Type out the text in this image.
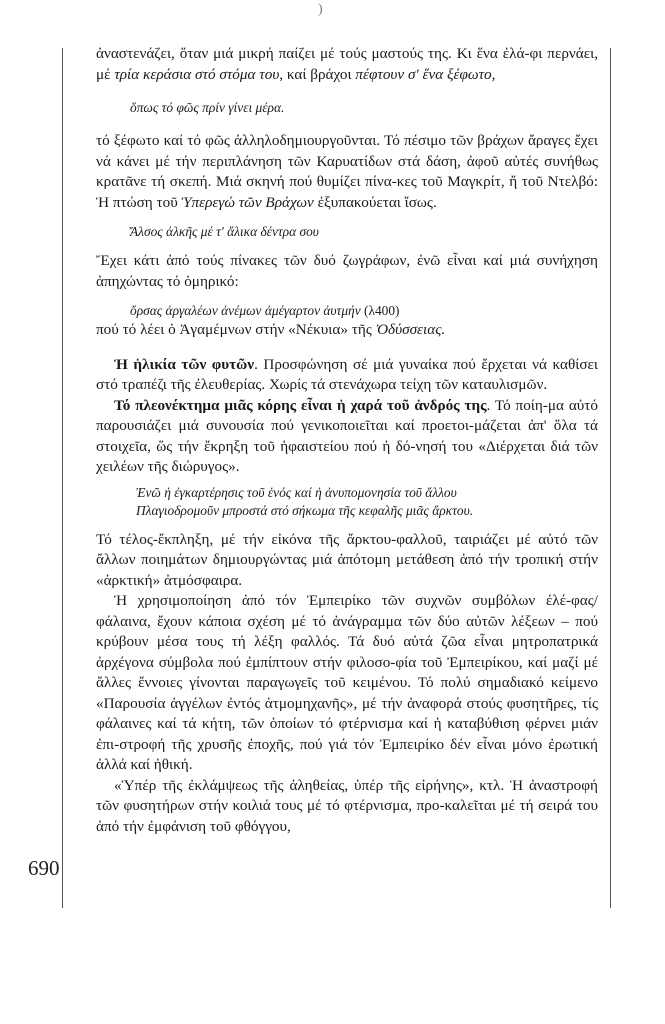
)
690

ἀναστενάζει, ὅταν μιά μικρή παίζει μέ τούς μαστούς της. Κι ἕνα ἐλά-φι περνάει, μέ τρία κεράσια στό στόμα του, καί βράχοι πέφτουν σ' ἕνα ξέφωτο,

ὅπως τό φῶς πρίν γίνει μέρα.

τό ξέφωτο καί τό φῶς ἀλληλοδημιουργοῦνται. Τό πέσιμο τῶν βράχων ἄραγες ἔχει νά κάνει μέ τήν περιπλάνηση τῶν Καρυατίδων στά δάση, ἀφοῦ αὐτές συνήθως κρατᾶνε τή σκεπή. Μιά σκηνή πού θυμίζει πίνα-κες τοῦ Μαγκρίτ, ἤ τοῦ Ντελβό: Ἡ πτώση τοῦ Ὑπερεγώ τῶν Βράχων ἐξυπακούεται ἴσως.

Ἄλσος ἀλκῆς μέ τ' ἄλικα δέντρα σου

Ἔχει κάτι ἀπό τούς πίνακες τῶν δυό ζωγράφων, ἐνῶ εἶναι καί μιά συνήχηση ἀπηχώντας τό ὁμηρικό:

ὄρσας ἀργαλέων ἀνέμων ἀμέγαρτον ἀυτμήν (λ400)

πού τό λέει ὁ Ἀγαμέμνων στήν «Νέκυια» τῆς Ὀδύσσειας.

Ἡ ἡλικία τῶν φυτῶν. Προσφώνηση σέ μιά γυναίκα πού ἔρχεται νά καθίσει στό τραπέζι τῆς ἐλευθερίας. Χωρίς τά στενάχωρα τείχη τῶν καταυλισμῶν.

Τό πλεονέκτημα μιᾶς κόρης εἶναι ἡ χαρά τοῦ ἀνδρός της. Τό ποίη-μα αὐτό παρουσιάζει μιά συνουσία πού γενικοποιεῖται καί προετοι-μάζεται ἀπ' ὅλα τά στοιχεῖα, ὥς τήν ἔκρηξη τοῦ ἡφαιστείου πού ἡ δό-νησή του «Διέρχεται διά τῶν χειλέων τῆς διώρυγος».

Ἐνῶ ἡ ἐγκαρτέρησις τοῦ ἑνός καί ἡ ἀνυπομονησία τοῦ ἄλλου
Πλαγιοδρομοῦν μπροστά στό σήκωμα τῆς κεφαλῆς μιᾶς ἄρκτου.

Τό τέλος-ἔκπληξη, μέ τήν εἰκόνα τῆς ἄρκτου-φαλλοῦ, ταιριάζει μέ αὐτό τῶν ἄλλων ποιημάτων δημιουργώντας μιά ἀπότομη μετάθεση ἀπό τήν τροπική στήν «ἀρκτική» ἀτμόσφαιρα.

Ἡ χρησιμοποίηση ἀπό τόν Ἐμπειρίκο τῶν συχνῶν συμβόλων ἐλέ-φας/φάλαινα, ἔχουν κάποια σχέση μέ τό ἀνάγραμμα τῶν δύο αὐτῶν λέξεων – πού κρύβουν μέσα τους τή λέξη φαλλός. Τά δυό αὐτά ζῶα εἶναι μητροπατρικά ἀρχέγονα σύμβολα πού ἐμπίπτουν στήν φιλοσο-φία τοῦ Ἐμπειρίκου, καί μαζί μέ ἄλλες ἔννοιες γίνονται παραγωγεῖς τοῦ κειμένου. Τό πολύ σημαδιακό κείμενο «Παρουσία ἀγγέλων ἐντός ἀτμομηχανῆς», μέ τήν ἀναφορά στούς φυσητῆρες, τίς φάλαινες καί τά κήτη, τῶν ὁποίων τό φτέρνισμα καί ἡ καταβύθιση φέρνει μιάν ἐπι-στροφή τῆς χρυσῆς ἐποχῆς, πού γιά τόν Ἐμπειρίκο δέν εἶναι μόνο ἐρωτική ἀλλά καί ἠθική.

«Ὑπέρ τῆς ἐκλάμψεως τῆς ἀληθείας, ὑπέρ τῆς εἰρήνης», κτλ. Ἡ ἀναστροφή τῶν φυσητήρων στήν κοιλιά τους μέ τό φτέρνισμα, προ-καλεῖται μέ τή σειρά του ἀπό τήν ἐμφάνιση τοῦ φθόγγου,
